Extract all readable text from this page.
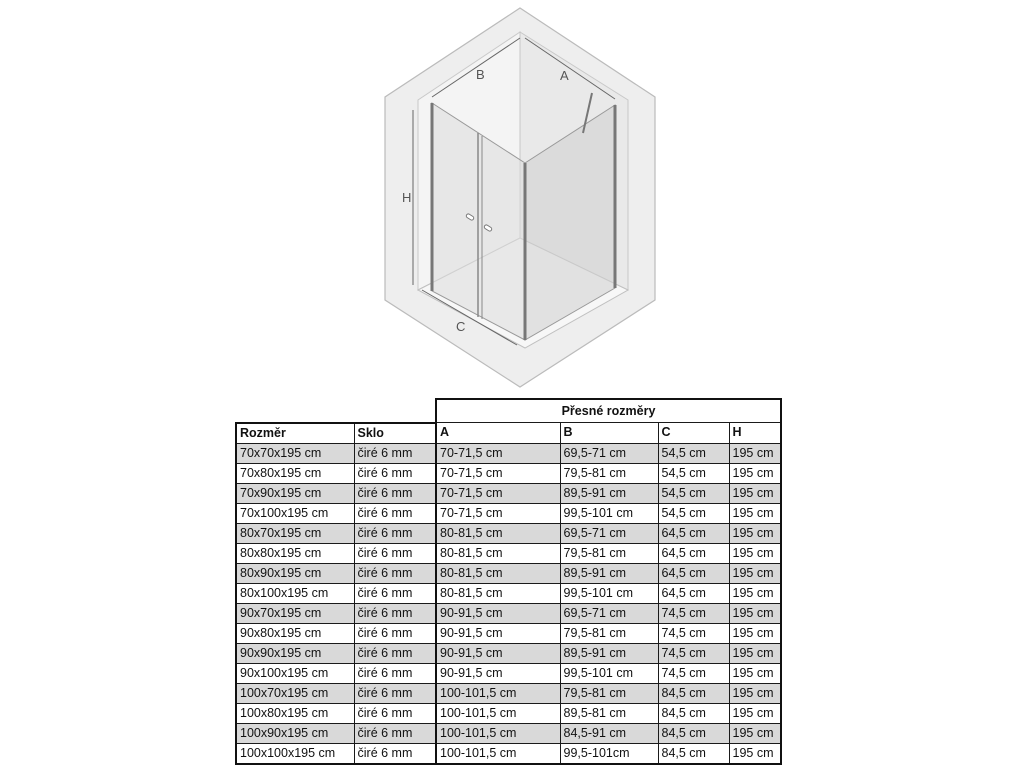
B	A
H
C
		Přesné rozměry			
Rozměr	Sklo	A	B	C	H
70x70x195 cm	čiré 6 mm	70-71,5 cm	69,5-71 cm	54,5 cm	195 cm
70x80x195 cm	čiré 6 mm	70-71,5 cm	79,5-81 cm	54,5 cm	195 cm
70x90x195 cm	čiré 6 mm	70-71,5 cm	89,5-91 cm	54,5 cm	195 cm
70x100x195 cm	čiré 6 mm	70-71,5 cm	99,5-101 cm	54,5 cm	195 cm
80x70x195 cm	čiré 6 mm	80-81,5 cm	69,5-71 cm	64,5 cm	195 cm
80x80x195 cm	čiré 6 mm	80-81,5 cm	79,5-81 cm	64,5 cm	195 cm
80x90x195 cm	čiré 6 mm	80-81,5 cm	89,5-91 cm	64,5 cm	195 cm
80x100x195 cm	čiré 6 mm	80-81,5 cm	99,5-101 cm	64,5 cm	195 cm
90x70x195 cm	čiré 6 mm	90-91,5 cm	69,5-71 cm	74,5 cm	195 cm
90x80x195 cm	čiré 6 mm	90-91,5 cm	79,5-81 cm	74,5 cm	195 cm
90x90x195 cm	čiré 6 mm	90-91,5 cm	89,5-91 cm	74,5 cm	195 cm
90x100x195 cm	čiré 6 mm	90-91,5 cm	99,5-101 cm	74,5 cm	195 cm
100x70x195 cm	čiré 6 mm	100-101,5 cm	79,5-81 cm	84,5 cm	195 cm
100x80x195 cm	čiré 6 mm	100-101,5 cm	89,5-81 cm	84,5 cm	195 cm
100x90x195 cm	čiré 6 mm	100-101,5 cm	84,5-91 cm	84,5 cm	195 cm
100x100x195 cm	čiré 6 mm	100-101,5 cm	99,5-101cm	84,5 cm	195 cm
